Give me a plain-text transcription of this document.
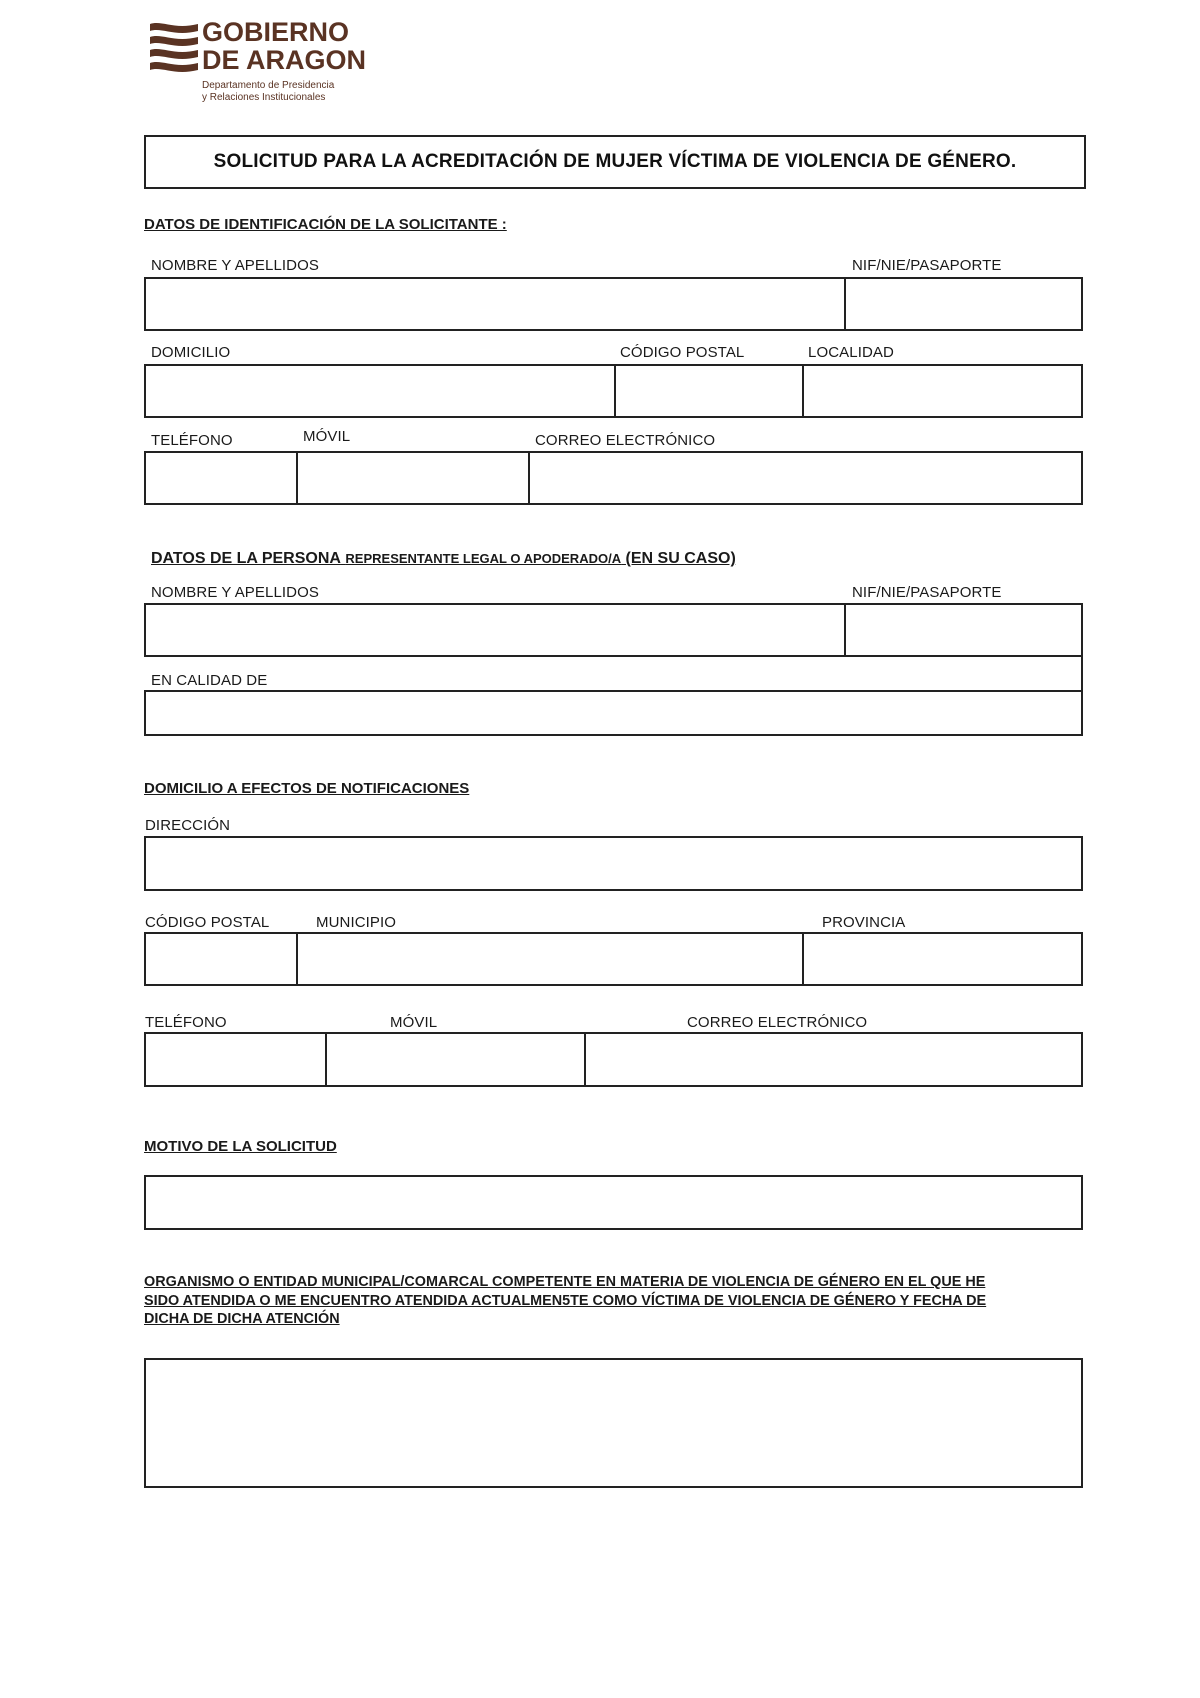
GOBIERNO
DE ARAGON
Departamento de Presidencia
y Relaciones Institucionales
SOLICITUD PARA LA ACREDITACIÓN DE MUJER VÍCTIMA DE VIOLENCIA DE GÉNERO.
DATOS DE IDENTIFICACIÓN DE LA SOLICITANTE :
NOMBRE Y APELLIDOS	NIF/NIE/PASAPORTE
DOMICILIO	CÓDIGO POSTAL	LOCALIDAD
TELÉFONO	MÓVIL	CORREO ELECTRÓNICO
DATOS DE LA PERSONA REPRESENTANTE LEGAL O APODERADO/A (EN SU CASO)
NOMBRE Y APELLIDOS	NIF/NIE/PASAPORTE
EN CALIDAD DE
DOMICILIO A EFECTOS DE NOTIFICACIONES
DIRECCIÓN
CÓDIGO POSTAL	MUNICIPIO	PROVINCIA
TELÉFONO	MÓVIL	CORREO ELECTRÓNICO
MOTIVO DE LA SOLICITUD
ORGANISMO O ENTIDAD MUNICIPAL/COMARCAL COMPETENTE EN MATERIA DE VIOLENCIA DE GÉNERO EN EL QUE HE
SIDO ATENDIDA O ME ENCUENTRO ATENDIDA ACTUALMEN5TE COMO VÍCTIMA DE VIOLENCIA DE GÉNERO Y FECHA DE
DICHA DE DICHA ATENCIÓN
